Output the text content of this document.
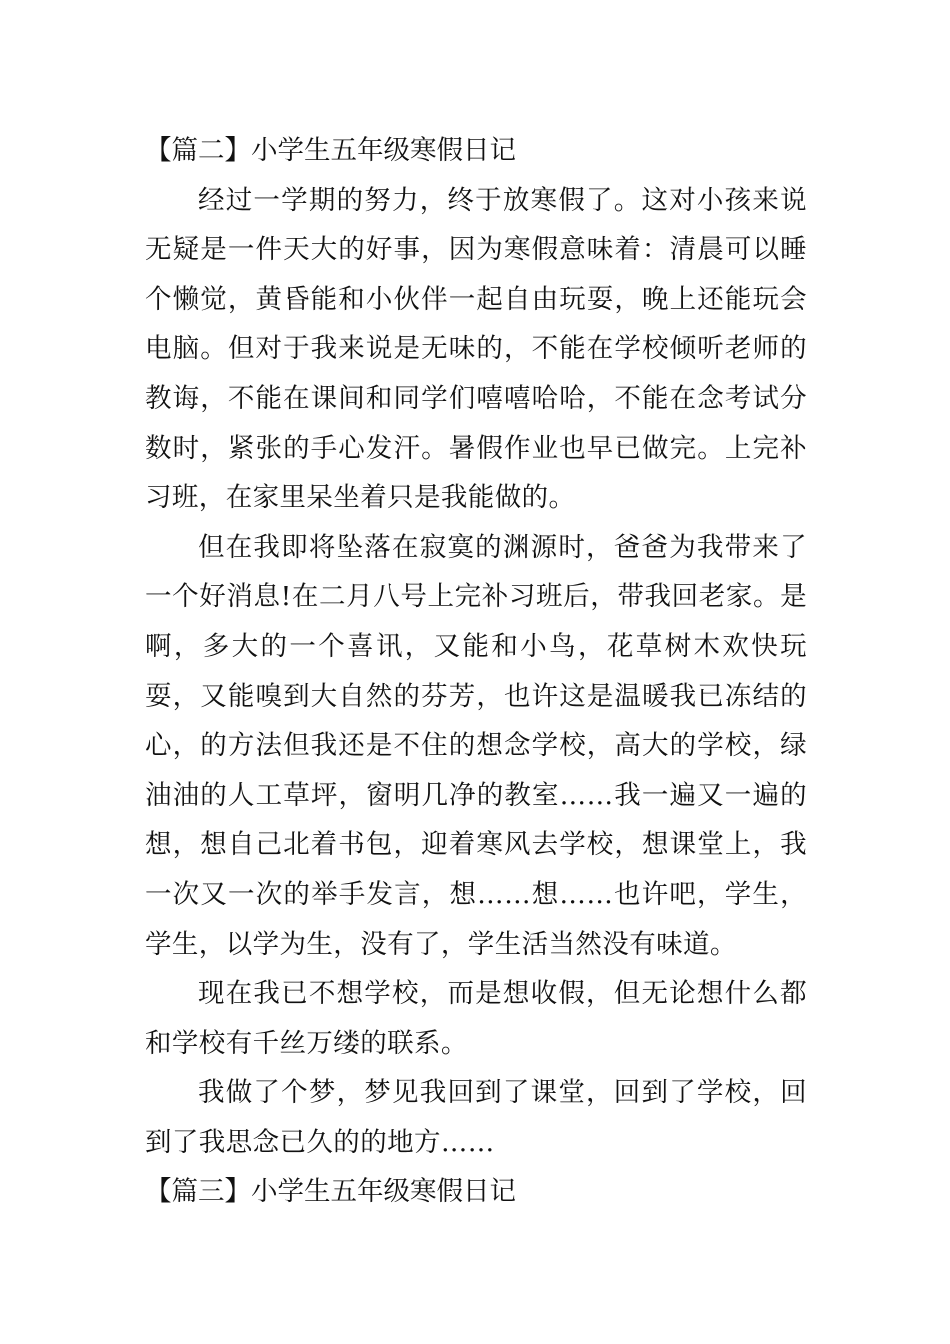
【篇二】小学生五年级寒假日记

经过一学期的努力，终于放寒假了。这对小孩来说无疑是一件天大的好事，因为寒假意味着：清晨可以睡个懒觉，黄昏能和小伙伴一起自由玩耍，晚上还能玩会电脑。但对于我来说是无味的，不能在学校倾听老师的教诲，不能在课间和同学们嘻嘻哈哈，不能在念考试分数时，紧张的手心发汗。暑假作业也早已做完。上完补习班，在家里呆坐着只是我能做的。

但在我即将坠落在寂寞的渊源时，爸爸为我带来了一个好消息!在二月八号上完补习班后，带我回老家。是啊，多大的一个喜讯，又能和小鸟，花草树木欢快玩耍，又能嗅到大自然的芬芳，也许这是温暖我已冻结的心，的方法但我还是不住的想念学校，高大的学校，绿油油的人工草坪，窗明几净的教室……我一遍又一遍的想，想自己北着书包，迎着寒风去学校，想课堂上，我一次又一次的举手发言，想……想……也许吧，学生，学生，以学为生，没有了，学生活当然没有味道。

现在我已不想学校，而是想收假，但无论想什么都和学校有千丝万缕的联系。

我做了个梦，梦见我回到了课堂，回到了学校，回到了我思念已久的的地方……

【篇三】小学生五年级寒假日记
